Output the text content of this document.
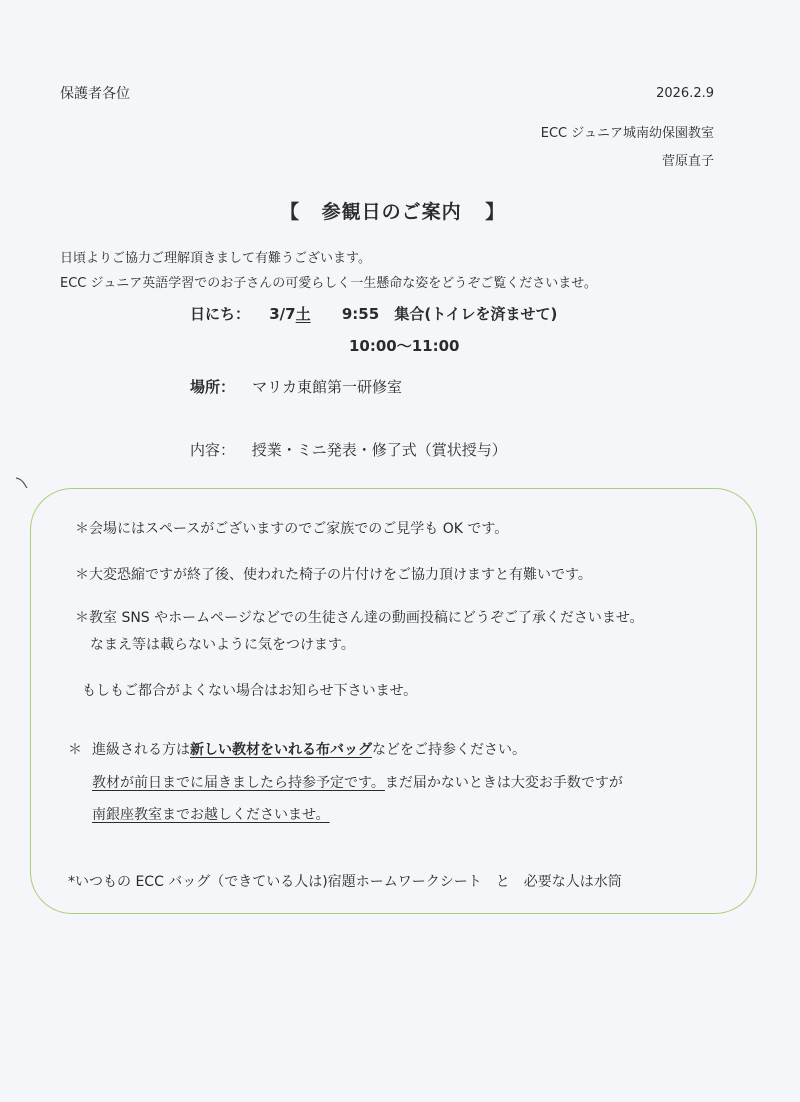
保護者各位	2026.2.9
ECC ジュニア城南幼保園教室
菅原直子
【 参観日のご案内 】
日頃よりご協力ご理解頂きまして有難うございます。
ECC ジュニア英語学習でのお子さんの可愛らしく一生懸命な姿をどうぞご覧くださいませ。
日にち： 3/7土 9:55 集合(トイレを済ませて)
10:00～11:00
場所： マリカ東館第一研修室
内容： 授業・ミニ発表・修了式（賞状授与）
＊会場にはスペースがございますのでご家族でのご見学も OK です。
＊大変恐縮ですが終了後、使われた椅子の片付けをご協力頂けますと有難いです。
＊教室 SNS やホームページなどでの生徒さん達の動画投稿にどうぞご了承くださいませ。
なまえ等は載らないように気をつけます。
もしもご都合がよくない場合はお知らせ下さいませ。
＊ 進級される方は新しい教材をいれる布バッグなどをご持参ください。
教材が前日までに届きましたら持参予定です。まだ届かないときは大変お手数ですが
南銀座教室までお越しくださいませ。
*いつもの ECC バッグ（できている人は)宿題ホームワークシート　と　必要な人は水筒
